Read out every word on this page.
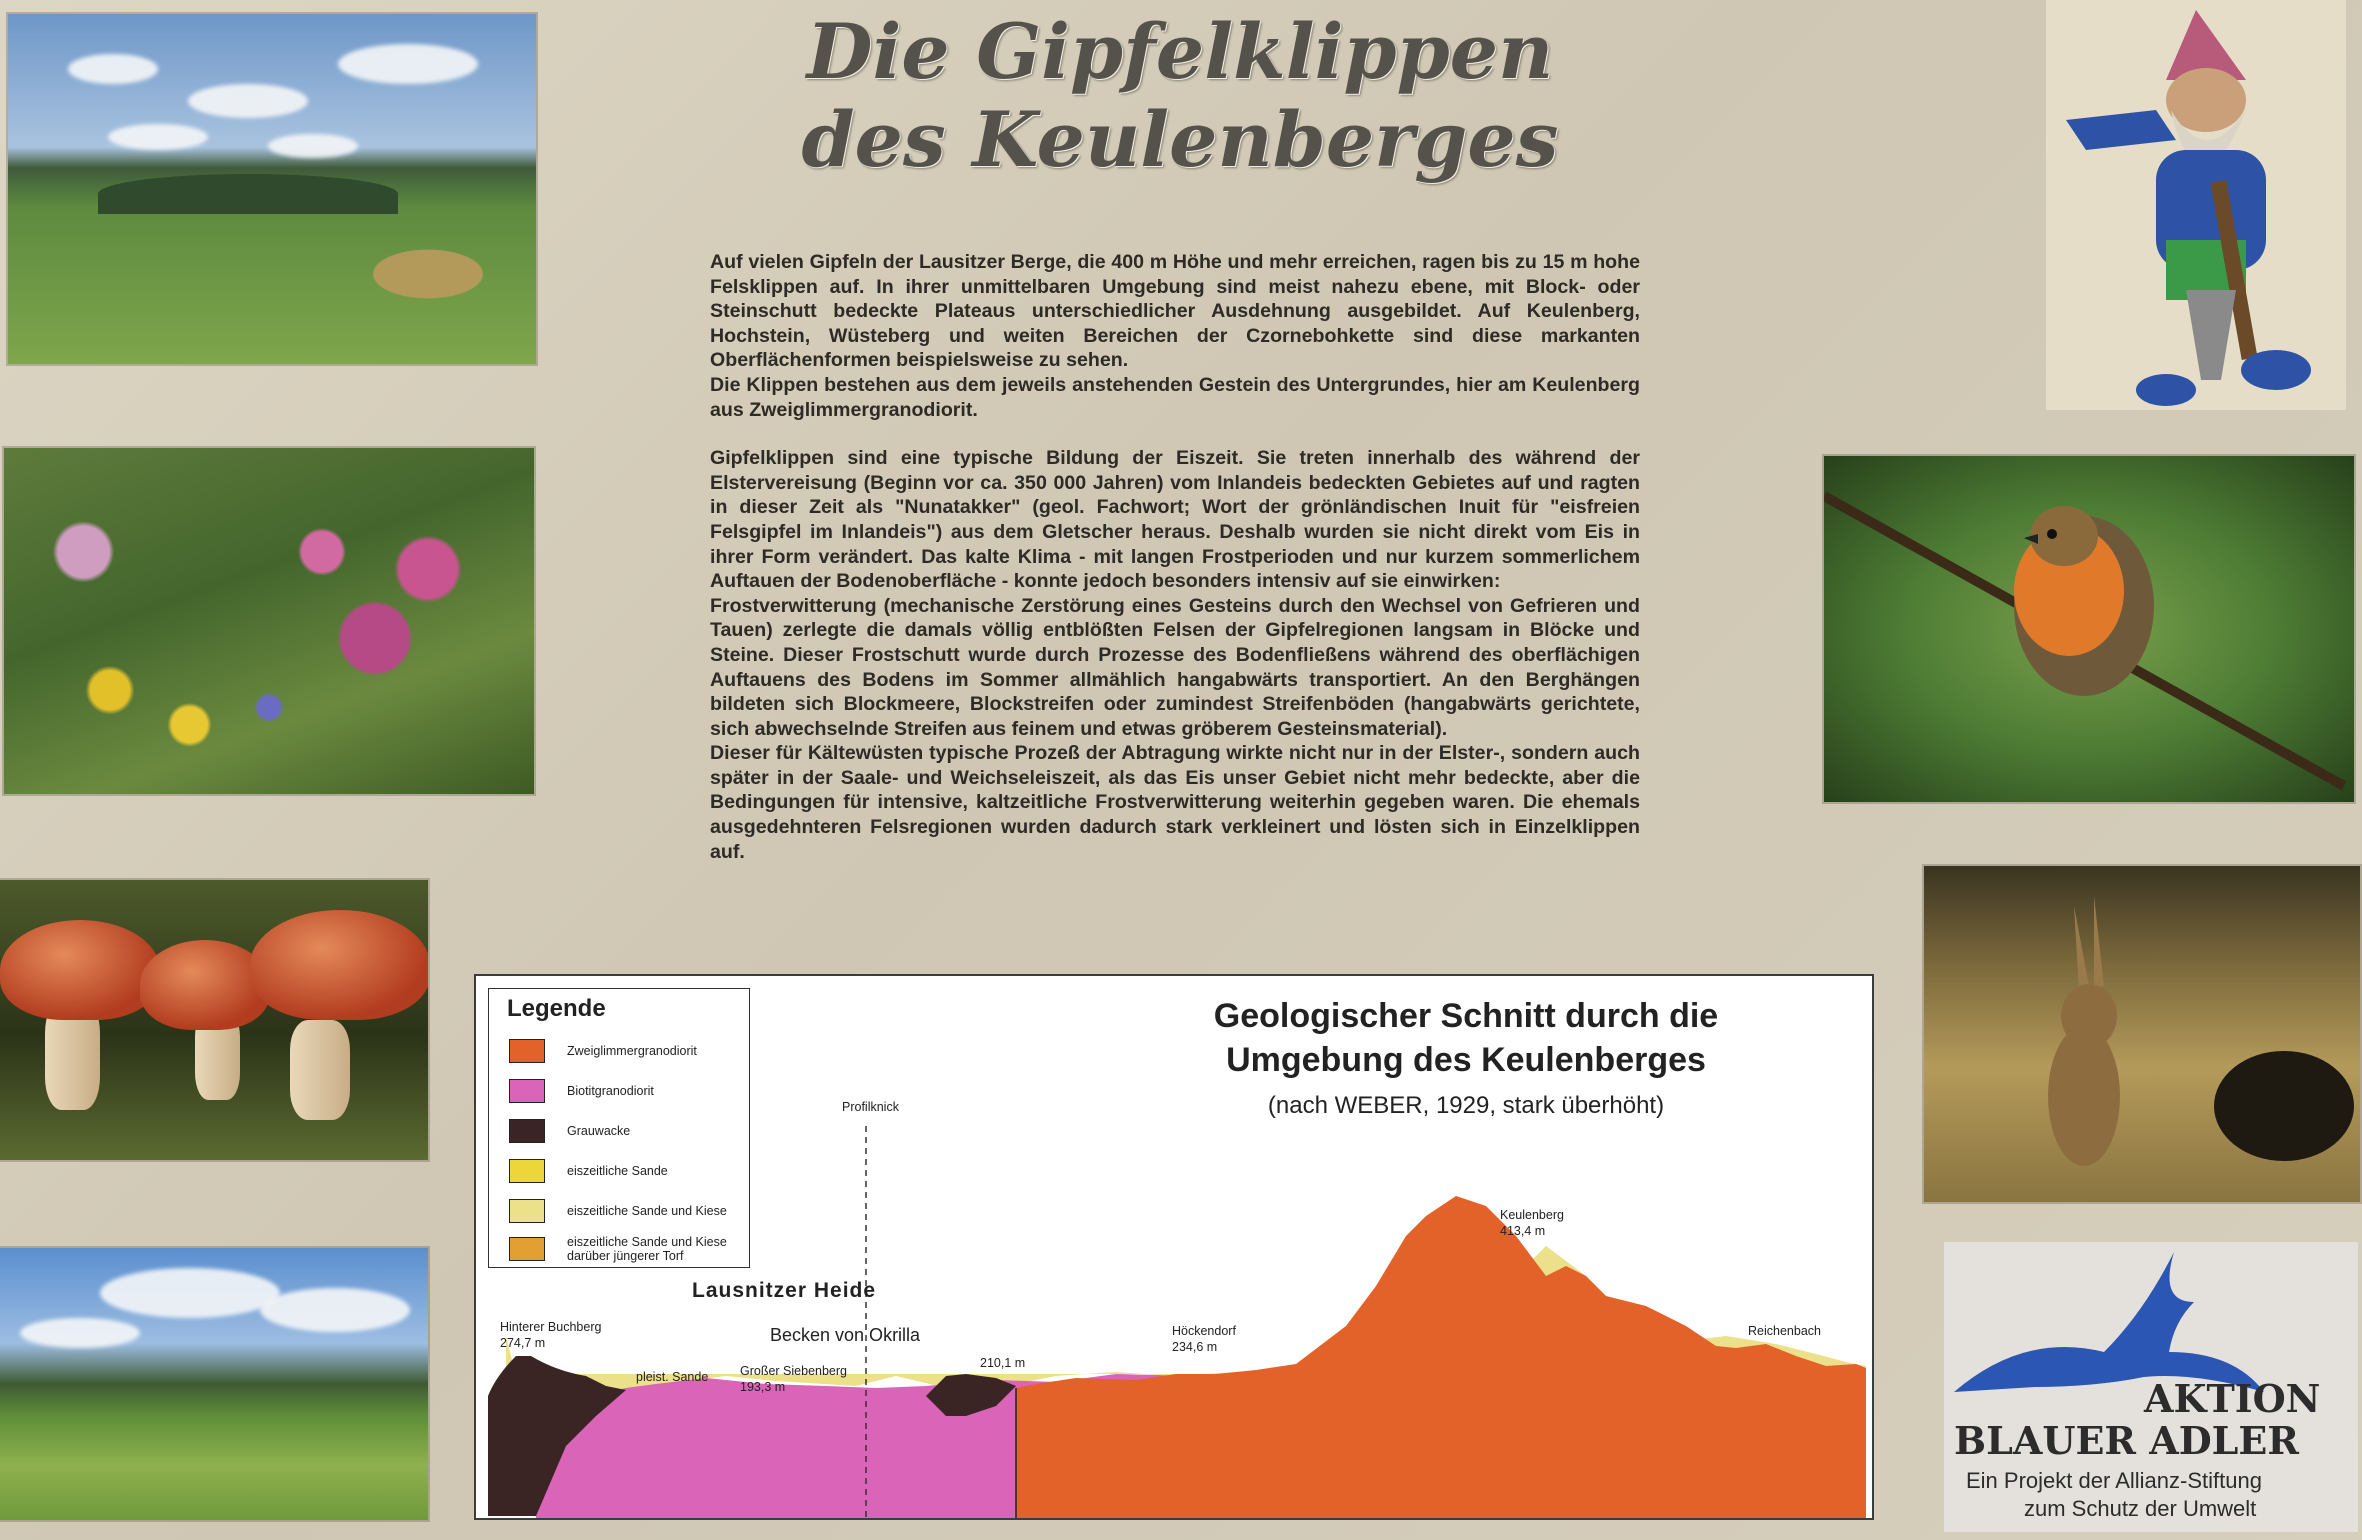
Die Gipfelklippen
des Keulenberges

Auf vielen Gipfeln der Lausitzer Berge, die 400 m Höhe und mehr erreichen, ragen bis zu 15 m hohe Felsklippen auf. In ihrer unmittelbaren Umgebung sind meist nahezu ebene, mit Block- oder Steinschutt bedeckte Plateaus unterschiedlicher Ausdehnung ausgebildet. Auf Keulenberg, Hochstein, Wüsteberg und weiten Bereichen der Czornebohkette sind diese markanten Oberflächenformen beispielsweise zu sehen.

Die Klippen bestehen aus dem jeweils anstehenden Gestein des Untergrundes, hier am Keulenberg aus Zweiglimmergranodiorit.

Gipfelklippen sind eine typische Bildung der Eiszeit. Sie treten innerhalb des während der Elstervereisung (Beginn vor ca. 350 000 Jahren) vom Inlandeis bedeckten Gebietes auf und ragten in dieser Zeit als "Nunatakker" (geol. Fachwort; Wort der grönländischen Inuit für "eisfreien Felsgipfel im Inlandeis") aus dem Gletscher heraus. Deshalb wurden sie nicht direkt vom Eis in ihrer Form verändert. Das kalte Klima - mit langen Frostperioden und nur kurzem sommerlichem Auftauen der Bodenoberfläche - konnte jedoch besonders intensiv auf sie einwirken:

Frostverwitterung (mechanische Zerstörung eines Gesteins durch den Wechsel von Gefrieren und Tauen) zerlegte die damals völlig entblößten Felsen der Gipfelregionen langsam in Blöcke und Steine. Dieser Frostschutt wurde durch Prozesse des Bodenfließens während des oberflächigen Auftauens des Bodens im Sommer allmählich hangabwärts transportiert. An den Berghängen bildeten sich Blockmeere, Blockstreifen oder zumindest Streifenböden (hangabwärts gerichtete, sich abwechselnde Streifen aus feinem und etwas gröberem Gesteinsmaterial).

Dieser für Kältewüsten typische Prozeß der Abtragung wirkte nicht nur in der Elster-, sondern auch später in der Saale- und Weichseleiszeit, als das Eis unser Gebiet nicht mehr bedeckte, aber die Bedingungen für intensive, kaltzeitliche Frostverwitterung weiterhin gegeben waren. Die ehemals ausgedehnteren Felsregionen wurden dadurch stark verkleinert und lösten sich in Einzelklippen auf.

AKTION
BLAUER ADLER
Ein Projekt der Allianz-Stiftung
zum Schutz der Umwelt
Legende
Zweiglimmergranodiorit
Biotitgranodiorit
Grauwacke
eiszeitliche Sande
eiszeitliche Sande und Kiese
eiszeitliche Sande und Kiese darüber jüngerer Torf
Geologischer Schnitt durch die
Umgebung des Keulenberges
(nach WEBER, 1929, stark überhöht)
Profilknick
Lausnitzer Heide
Becken von Okrilla
Hinterer Buchberg
274,7 m
pleist. Sande	Großer Siebenberg
193,3 m
210,1 m
Höckendorf
234,6 m
Keulenberg
413,4 m
Reichenbach
